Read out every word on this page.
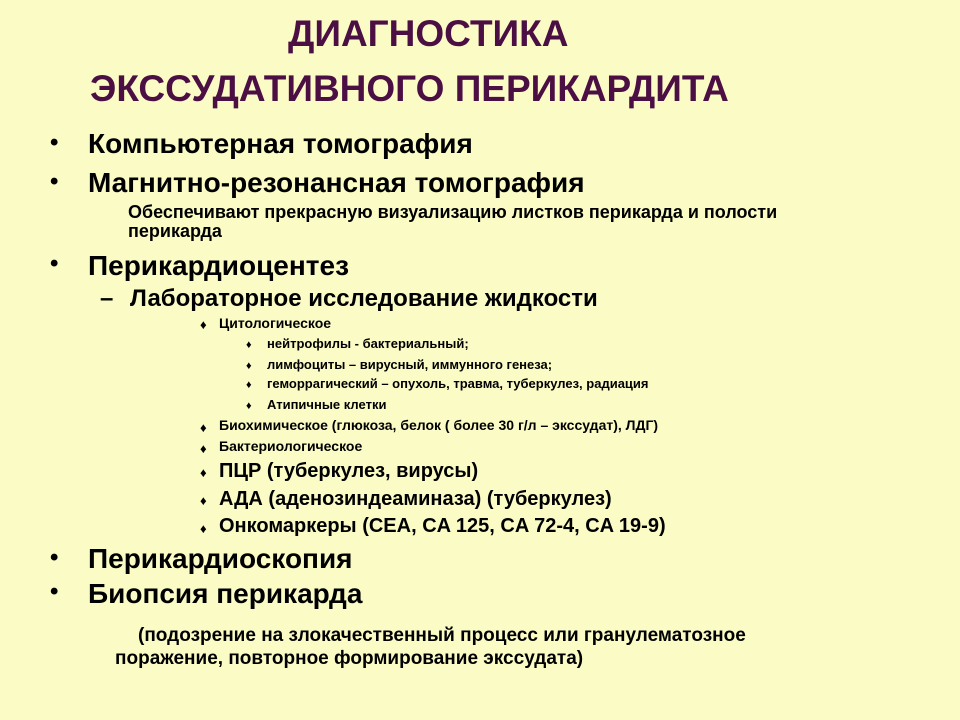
ДИАГНОСТИКА
ЭКССУДАТИВНОГО ПЕРИКАРДИТА
• Компьютерная томография
• Магнитно-резонансная томография
Обеспечивают прекрасную визуализацию листков перикарда и полости
перикарда
• Перикардиоцентез
– Лабораторное исследование жидкости
♦ Цитологическое
♦ нейтрофилы - бактериальный;
♦ лимфоциты – вирусный, иммунного генеза;
♦ геморрагический – опухоль, травма, туберкулез, радиация
♦ Атипичные клетки
♦ Биохимическое (глюкоза, белок ( более 30 г/л – экссудат), ЛДГ)
♦ Бактериологическое
♦ ПЦР (туберкулез, вирусы)
♦ АДА (аденозиндеаминаза) (туберкулез)
♦ Онкомаркеры (CEA, CA 125, CA 72-4, CA 19-9)
• Перикардиоскопия
• Биопсия перикарда
(подозрение на злокачественный процесс или гранулематозное
поражение, повторное формирование экссудата)
